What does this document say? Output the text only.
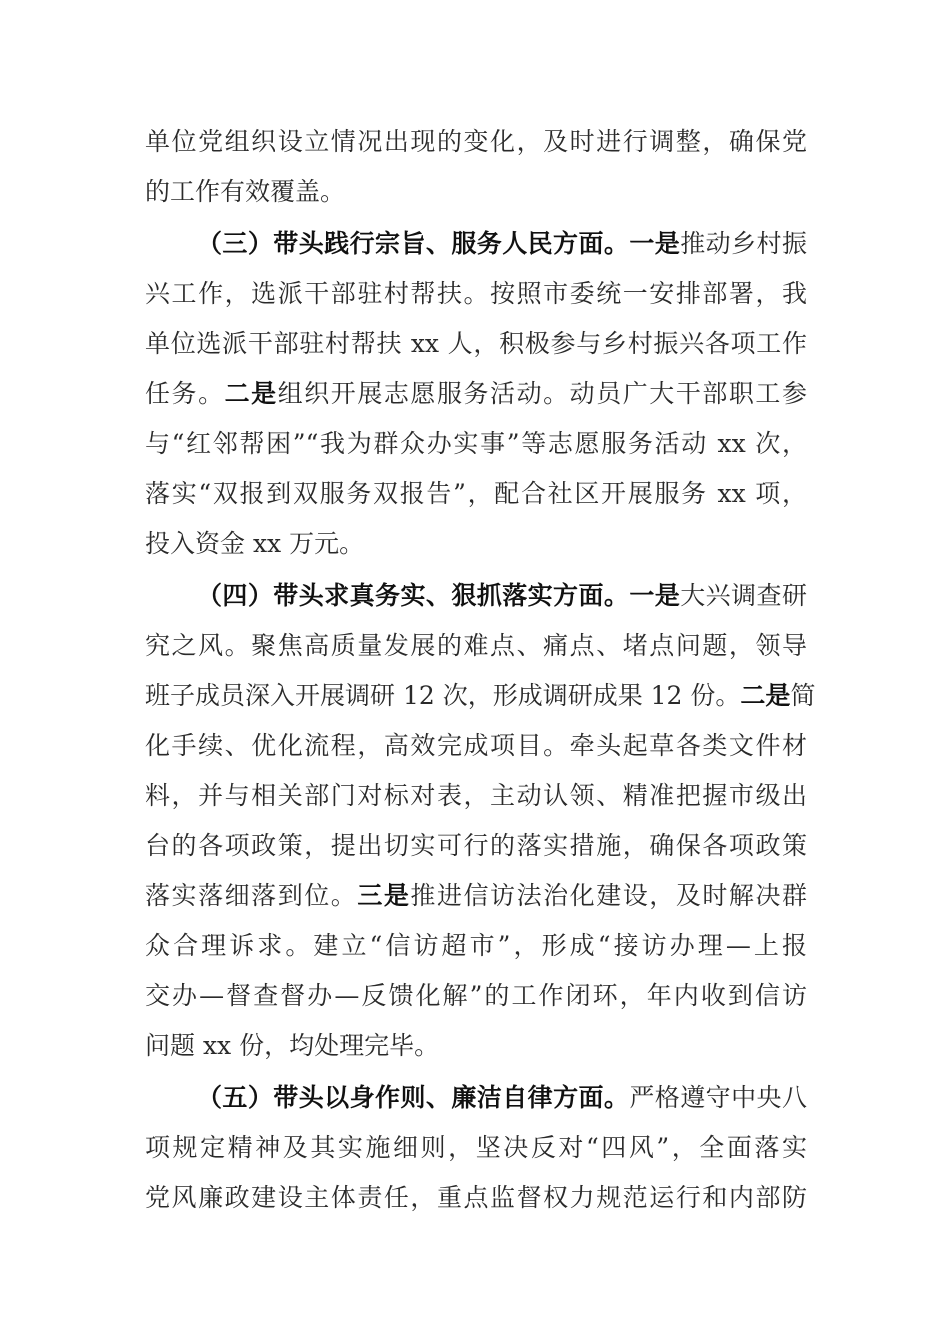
单位党组织设立情况出现的变化，及时进行调整，确保党
的工作有效覆盖。
（三）带头践行宗旨、服务人民方面。一是推动乡村振
兴工作，选派干部驻村帮扶。按照市委统一安排部署，我
单位选派干部驻村帮扶 xx 人，积极参与乡村振兴各项工作
任务。二是组织开展志愿服务活动。动员广大干部职工参
与“红邻帮困”“我为群众办实事”等志愿服务活动 xx 次，
落实“双报到双服务双报告”，配合社区开展服务 xx 项，
投入资金 xx 万元。
（四）带头求真务实、狠抓落实方面。一是大兴调查研
究之风。聚焦高质量发展的难点、痛点、堵点问题，领导
班子成员深入开展调研 12 次，形成调研成果 12 份。二是简
化手续、优化流程，高效完成项目。牵头起草各类文件材
料，并与相关部门对标对表，主动认领、精准把握市级出
台的各项政策，提出切实可行的落实措施，确保各项政策
落实落细落到位。三是推进信访法治化建设，及时解决群
众合理诉求。建立“信访超市”，形成“接访办理—上报
交办—督查督办—反馈化解”的工作闭环，年内收到信访
问题 xx 份，均处理完毕。
（五）带头以身作则、廉洁自律方面。严格遵守中央八
项规定精神及其实施细则，坚决反对“四风”，全面落实
党风廉政建设主体责任，重点监督权力规范运行和内部防
